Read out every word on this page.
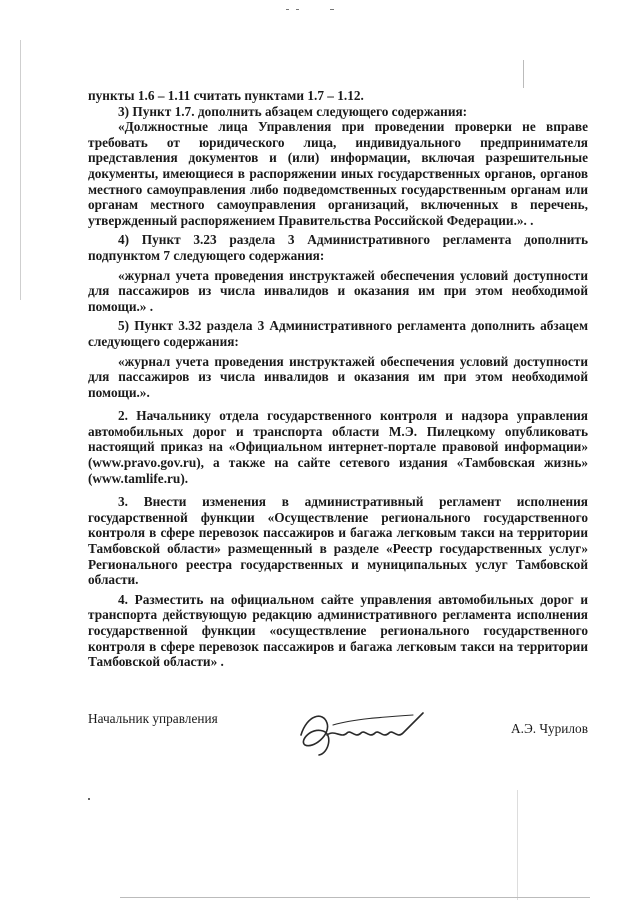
пункты 1.6 – 1.11 считать пунктами 1.7 – 1.12.

3) Пункт 1.7. дополнить абзацем следующего содержания:

«Должностные лица Управления при проведении проверки не вправе требовать от юридического лица, индивидуального предпринимателя представления документов и (или) информации, включая разрешительные документы, имеющиеся в распоряжении иных государственных органов, органов местного самоуправления либо подведомственных государственным органам или органам местного самоуправления организаций, включенных в перечень, утвержденный распоряжением Правительства Российской Федерации.». .

4) Пункт 3.23 раздела 3 Административного регламента дополнить подпунктом 7 следующего содержания:

«журнал учета проведения инструктажей обеспечения условий доступности для пассажиров из числа инвалидов и оказания им при этом необходимой помощи.» .

5) Пункт 3.32 раздела 3 Административного регламента дополнить абзацем следующего содержания:

«журнал учета проведения инструктажей обеспечения условий доступности для пассажиров из числа инвалидов и оказания им при этом необходимой помощи.».

2. Начальнику отдела государственного контроля и надзора управления автомобильных дорог и транспорта области М.Э. Пилецкому опубликовать настоящий приказ на «Официальном интернет-портале правовой информации» (www.pravo.gov.ru), а также на сайте сетевого издания «Тамбовская жизнь» (www.tamlife.ru).

3. Внести изменения в административный регламент исполнения государственной функции «Осуществление регионального государственного контроля в сфере перевозок пассажиров и багажа легковым такси на территории Тамбовской области» размещенный в разделе «Реестр государственных услуг» Регионального реестра государственных и муниципальных услуг Тамбовской области.

4. Разместить на официальном сайте управления автомобильных дорог и транспорта действующую редакцию административного регламента исполнения государственной функции «осуществление регионального государственного контроля в сфере перевозок пассажиров и багажа легковым такси на территории Тамбовской области» .

Начальник управления
А.Э. Чурилов
